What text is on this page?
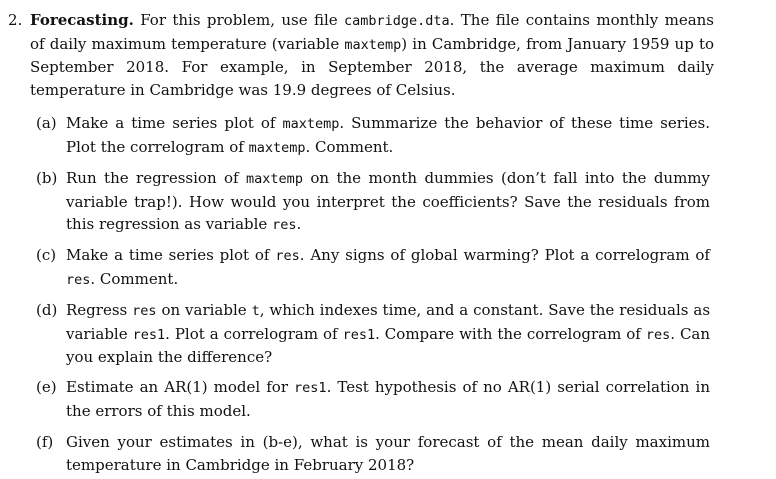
2. Forecasting. For this problem, use file cambridge.dta. The file contains monthly means of daily maximum temperature (variable maxtemp) in Cambridge, from January 1959 up to September 2018. For example, in September 2018, the average maximum daily temperature in Cambridge was 19.9 degrees of Celsius.
(a) Make a time series plot of maxtemp. Summarize the behavior of these time series. Plot the correlogram of maxtemp. Comment.
(b) Run the regression of maxtemp on the month dummies (don’t fall into the dummy variable trap!). How would you interpret the coefficients? Save the residuals from this regression as variable res.
(c) Make a time series plot of res. Any signs of global warming? Plot a correlogram of res. Comment.
(d) Regress res on variable t, which indexes time, and a constant. Save the residuals as variable res1. Plot a correlogram of res1. Compare with the correlogram of res. Can you explain the difference?
(e) Estimate an AR(1) model for res1. Test hypothesis of no AR(1) serial correlation in the errors of this model.
(f) Given your estimates in (b-e), what is your forecast of the mean daily maximum temperature in Cambridge in February 2018?
